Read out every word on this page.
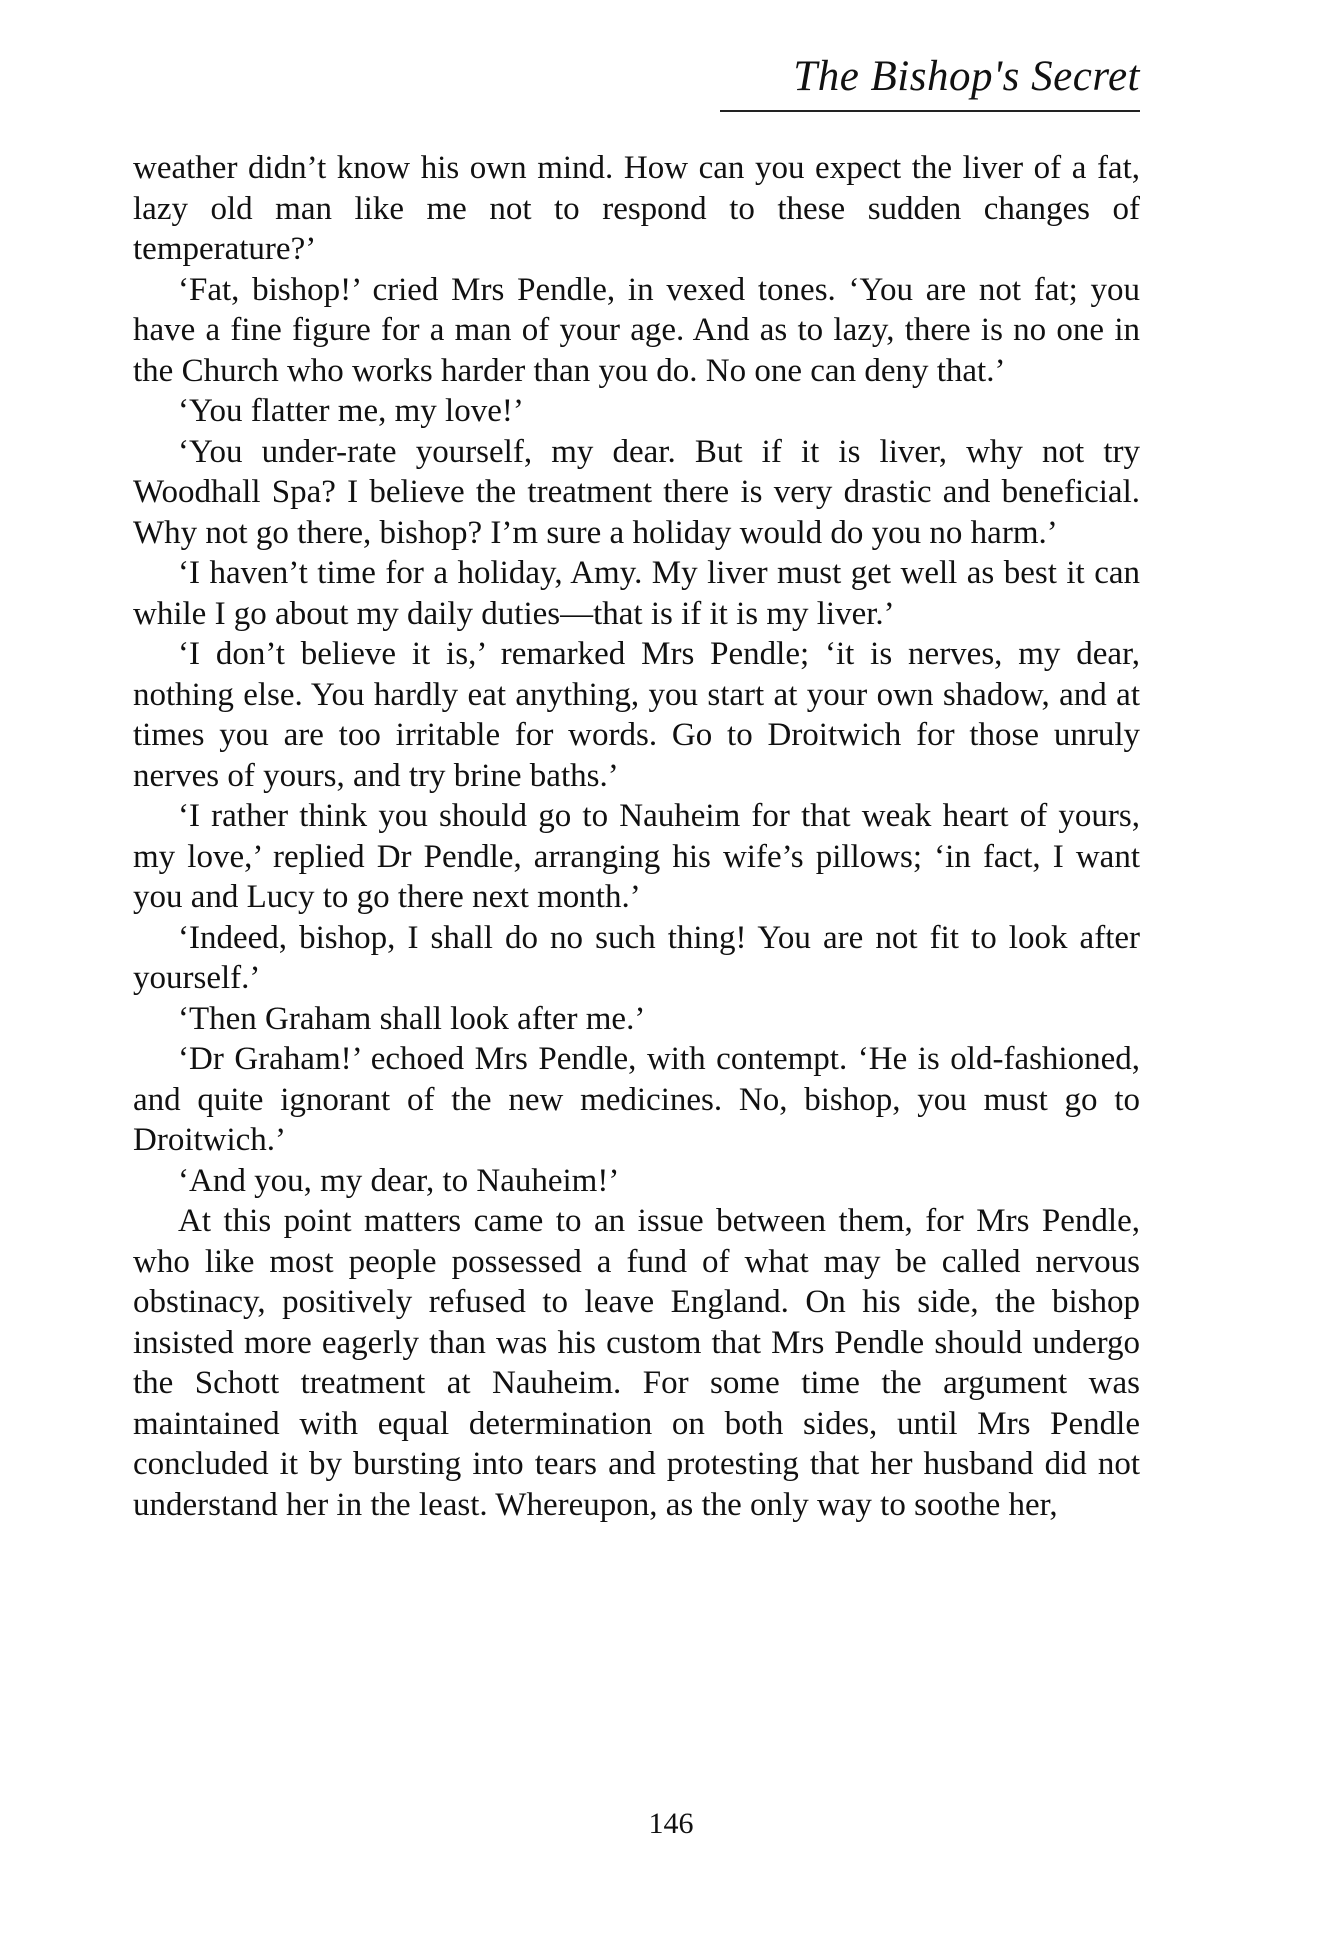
The Bishop's Secret

weather didn’t know his own mind. How can you expect the liver of a fat, lazy old man like me not to respond to these sudden changes of temperature?’

‘Fat, bishop!’ cried Mrs Pendle, in vexed tones. ‘You are not fat; you have a fine figure for a man of your age. And as to lazy, there is no one in the Church who works harder than you do. No one can deny that.’

‘You flatter me, my love!’

‘You under-rate yourself, my dear. But if it is liver, why not try Woodhall Spa? I believe the treatment there is very drastic and beneficial. Why not go there, bishop? I’m sure a holiday would do you no harm.’

‘I haven’t time for a holiday, Amy. My liver must get well as best it can while I go about my daily duties—that is if it is my liver.’

‘I don’t believe it is,’ remarked Mrs Pendle; ‘it is nerves, my dear, nothing else. You hardly eat anything, you start at your own shadow, and at times you are too irritable for words. Go to Droitwich for those unruly nerves of yours, and try brine baths.’

‘I rather think you should go to Nauheim for that weak heart of yours, my love,’ replied Dr Pendle, arranging his wife’s pillows; ‘in fact, I want you and Lucy to go there next month.’

‘Indeed, bishop, I shall do no such thing! You are not fit to look after yourself.’

‘Then Graham shall look after me.’

‘Dr Graham!’ echoed Mrs Pendle, with contempt. ‘He is old-fashioned, and quite ignorant of the new medicines. No, bishop, you must go to Droitwich.’

‘And you, my dear, to Nauheim!’

At this point matters came to an issue between them, for Mrs Pendle, who like most people possessed a fund of what may be called nervous obstinacy, positively refused to leave England. On his side, the bishop insisted more eagerly than was his custom that Mrs Pendle should undergo the Schott treatment at Nauheim. For some time the argument was maintained with equal determination on both sides, until Mrs Pendle concluded it by bursting into tears and protesting that her husband did not understand her in the least. Whereupon, as the only way to soothe her,

146
